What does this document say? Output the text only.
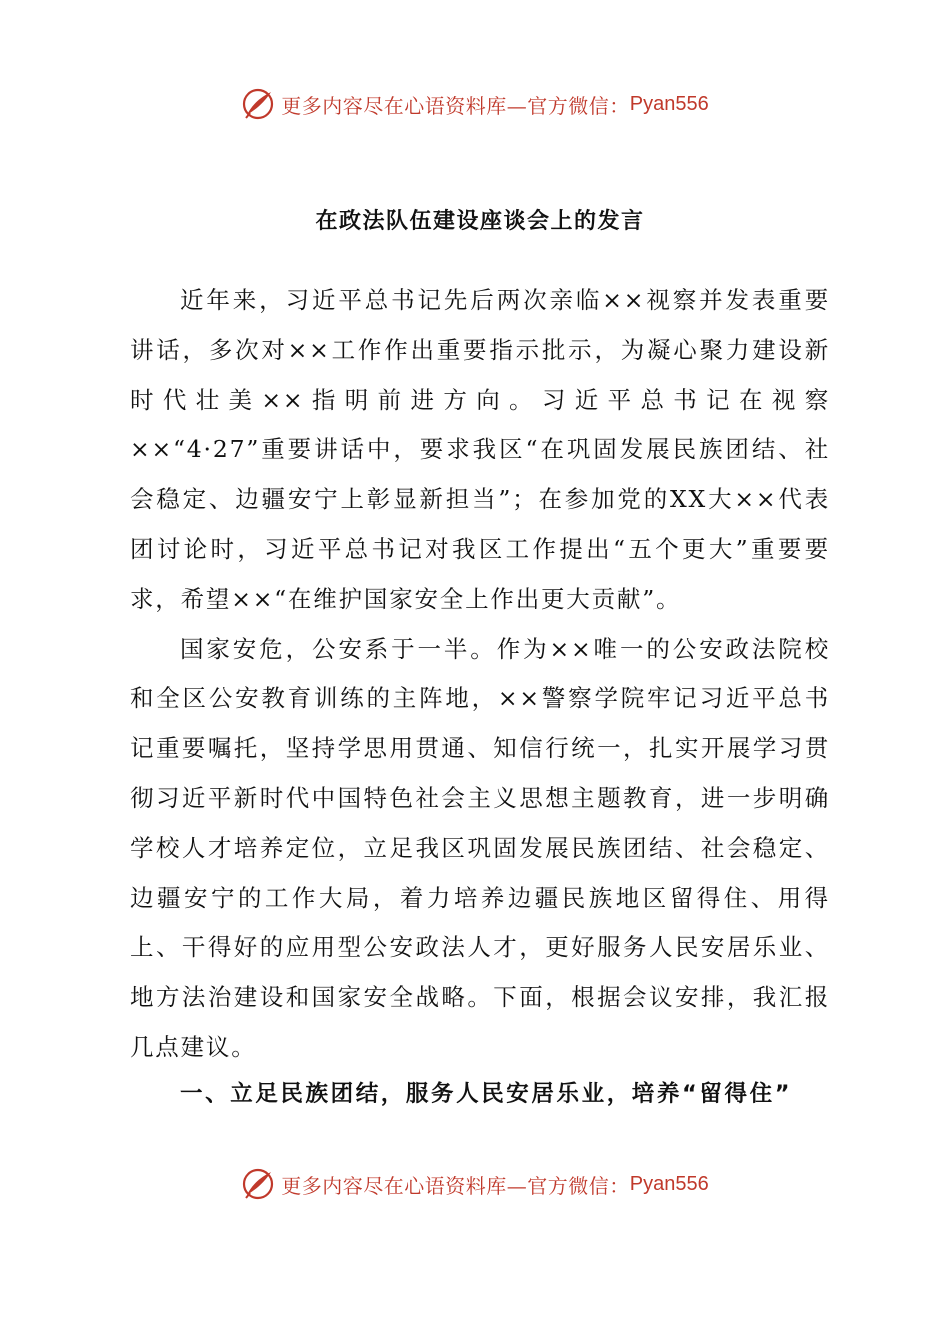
更多内容尽在心语资料库—官方微信： Pyan556
在政法队伍建设座谈会上的发言

近年来，习近平总书记先后两次亲临××视察并发表重要讲话，多次对××工作作出重要指示批示，为凝心聚力建设新时代壮美××指明前进方向。习近平总书记在视察××“4·27”重要讲话中，要求我区“在巩固发展民族团结、社会稳定、边疆安宁上彰显新担当”；在参加党的XX大××代表团讨论时，习近平总书记对我区工作提出“五个更大”重要要求，希望××“在维护国家安全上作出更大贡献”。

国家安危，公安系于一半。作为××唯一的公安政法院校和全区公安教育训练的主阵地，××警察学院牢记习近平总书记重要嘱托，坚持学思用贯通、知信行统一，扎实开展学习贯彻习近平新时代中国特色社会主义思想主题教育，进一步明确学校人才培养定位，立足我区巩固发展民族团结、社会稳定、边疆安宁的工作大局，着力培养边疆民族地区留得住、用得上、干得好的应用型公安政法人才，更好服务人民安居乐业、地方法治建设和国家安全战略。下面，根据会议安排，我汇报几点建议。

一、立足民族团结，服务人民安居乐业，培养“留得住”
更多内容尽在心语资料库—官方微信： Pyan556
